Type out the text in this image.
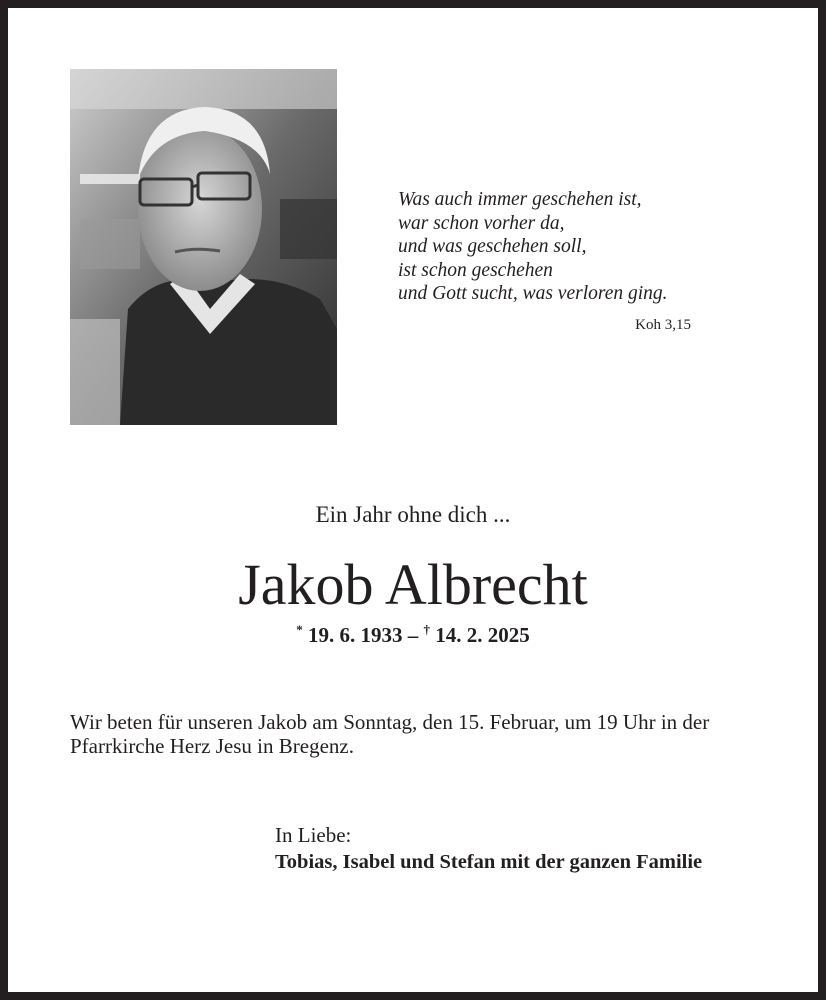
Was auch immer geschehen ist,
war schon vorher da,
und was geschehen soll,
ist schon geschehen
und Gott sucht, was verloren ging.
Koh 3,15
Ein Jahr ohne dich ...
Jakob Albrecht
* 19. 6. 1933 – † 14. 2. 2025
Wir beten für unseren Jakob am Sonntag, den 15. Februar, um 19 Uhr in der
Pfarrkirche Herz Jesu in Bregenz.
In Liebe:
Tobias, Isabel und Stefan mit der ganzen Familie
